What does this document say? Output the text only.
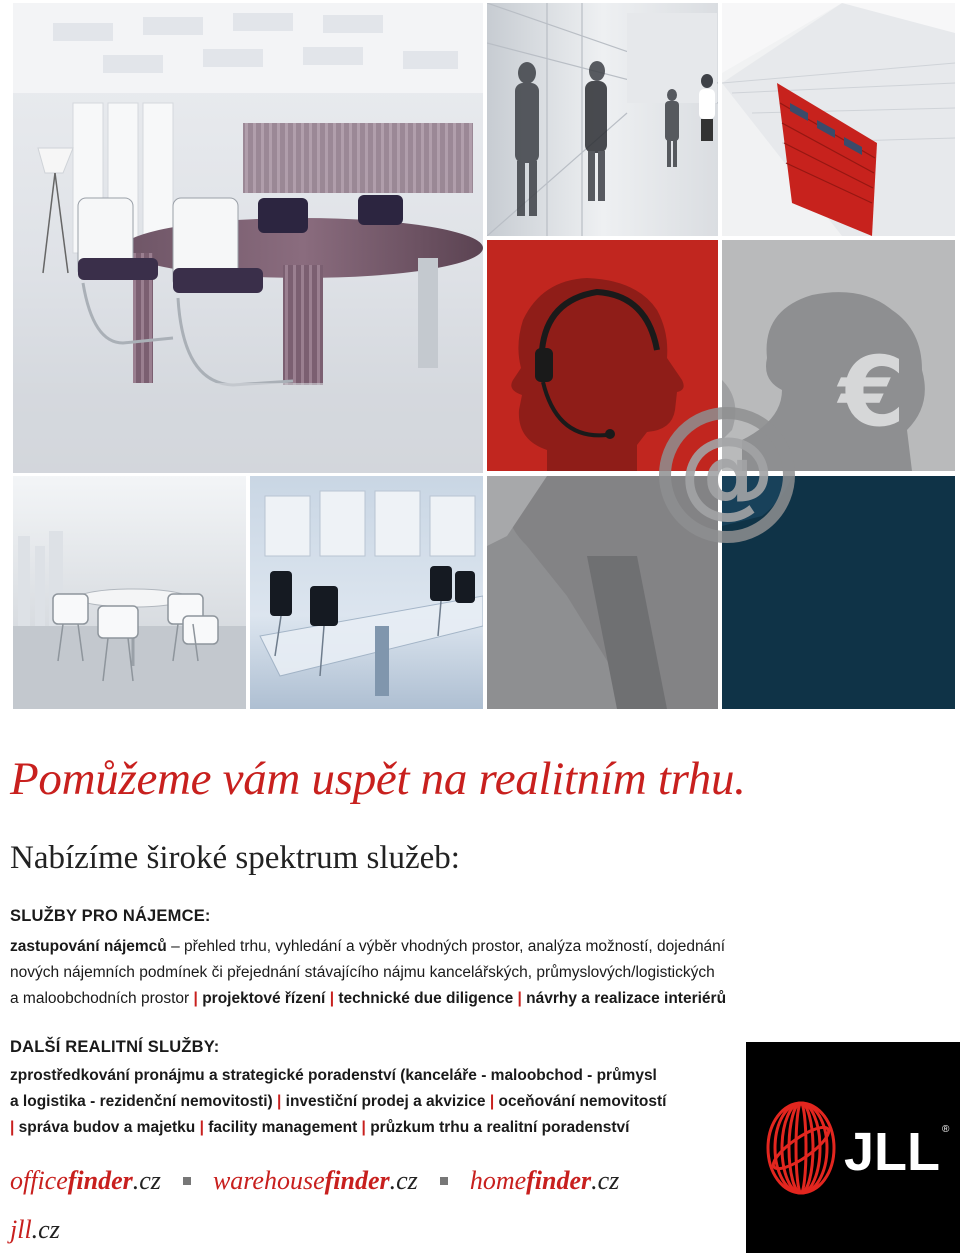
€
@
Pomůžeme vám uspět na realitním trhu.
Nabízíme široké spektrum služeb:
SLUŽBY PRO NÁJEMCE:
zastupování nájemců – přehled trhu, vyhledání a výběr vhodných prostor, analýza možností, dojednání
nových nájemních podmínek či přejednání stávajícího nájmu kancelářských, průmyslových/logistických
a maloobchodních prostor | projektové řízení | technické due diligence | návrhy a realizace interiérů
DALŠÍ REALITNÍ SLUŽBY:
zprostředkování pronájmu a strategické poradenství (kanceláře - maloobchod - průmysl
a logistika - rezidenční nemovitosti) | investiční prodej a akvizice | oceňování nemovitostí
| správa budov a majetku | facility management | průzkum trhu a realitní poradenství
officefinder.cz warehousefinder.cz homefinder.cz
jll.cz
JLL ®
